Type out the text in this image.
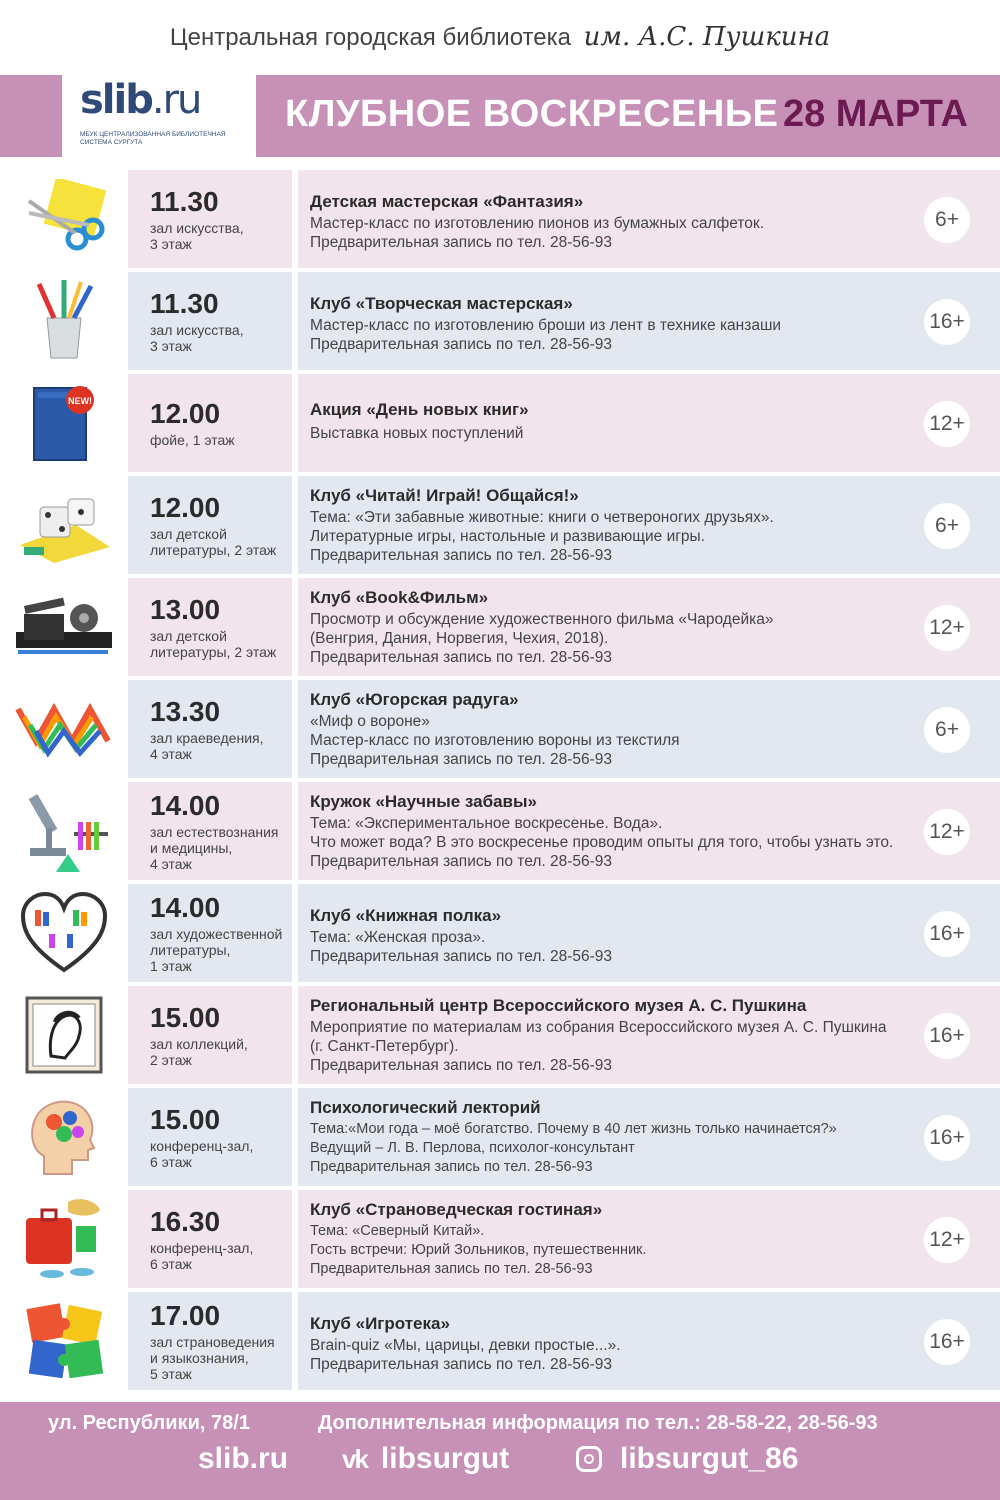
Центральная городская библиотека им. А.С. Пушкина
slib.ru
МБУК ЦЕНТРАЛИЗОВАННАЯ БИБЛИОТЕЧНАЯ СИСТЕМА СУРГУТА
КЛУБНОЕ ВОСКРЕСЕНЬЕ 28 МАРТА
11.30
зал искусства,
3 этаж
Детская мастерская «Фантазия»
Мастер-класс по изготовлению пионов из бумажных салфеток.
Предварительная запись по тел. 28-56-93
6+
11.30
зал искусства,
3 этаж
Клуб «Творческая мастерская»
Мастер-класс по изготовлению броши из лент в технике канзаши
Предварительная запись по тел. 28-56-93
16+
NEW! 12.00
фойе, 1 этаж
Акция «День новых книг»
Выставка новых поступлений	12+
12.00
зал детской
литературы, 2 этаж
Клуб «Читай! Играй! Общайся!»
Тема: «Эти забавные животные: книги о четвероногих друзьях».
Литературные игры, настольные и развивающие игры.
Предварительная запись по тел. 28-56-93
6+
13.00
зал детской
литературы, 2 этаж
Клуб «Book&Фильм»
Просмотр и обсуждение художественного фильма «Чародейка»
(Венгрия, Дания, Норвегия, Чехия, 2018).
Предварительная запись по тел. 28-56-93
12+
13.30
зал краеведения,
4 этаж
Клуб «Югорская радуга»
«Миф о вороне»
Мастер-класс по изготовлению вороны из текстиля
Предварительная запись по тел. 28-56-93
6+
14.00
зал естествознания
и медицины,
4 этаж
Кружок «Научные забавы»
Тема: «Экспериментальное воскресенье. Вода».
Что может вода? В это воскресенье проводим опыты для того, чтобы узнать это.
Предварительная запись по тел. 28-56-93
12+
14.00
зал художественной
литературы,
1 этаж
Клуб «Книжная полка»
Тема: «Женская проза».
Предварительная запись по тел. 28-56-93
16+
15.00
зал коллекций,
2 этаж
Региональный центр Всероссийского музея А. С. Пушкина
Мероприятие по материалам из собрания Всероссийского музея А. С. Пушкина
(г. Санкт-Петербург).
Предварительная запись по тел. 28-56-93
16+
15.00
конференц-зал,
6 этаж
Психологический лекторий
Тема:«Мои года – моё богатство. Почему в 40 лет жизнь только начинается?»
Ведущий – Л. В. Перлова, психолог-консультант
Предварительная запись по тел. 28-56-93
16+
16.30
конференц-зал,
6 этаж
Клуб «Страноведческая гостиная»
Тема: «Северный Китай».
Гость встречи: Юрий Зольников, путешественник.
Предварительная запись по тел. 28-56-93
12+
17.00
зал страноведения
и языкознания,
5 этаж
Клуб «Игротека»
Brain-quiz «Мы, царицы, девки простые...».
Предварительная запись по тел. 28-56-93
16+
ул. Республики, 78/1	Дополнительная информация по тел.: 28-58-22, 28-56-93
slib.ru vk libsurgut	libsurgut_86
